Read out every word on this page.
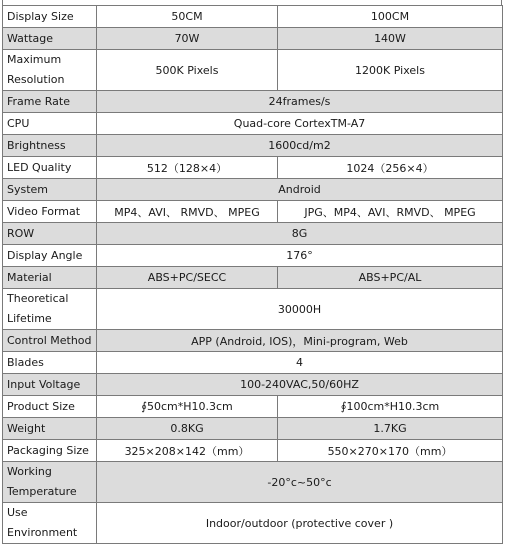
Display Size	50CM	100CM
Wattage	70W	140W
Maximum Resolution	500K Pixels	1200K Pixels
Frame Rate	24frames/s	
CPU	Quad-core CortexTM-A7	
Brightness	1600cd/m2	
LED Quality	512（128×4）	1024（256×4）
System	Android	
Video Format	MP4、AVI、 RMVD、 MPEG	JPG、MP4、AVI、RMVD、 MPEG
ROW	8G	
Display Angle	176°	
Material	ABS+PC/SECC	ABS+PC/AL
Theoretical Lifetime	30000H	
Control Method	APP (Android, IOS)，Mini-program, Web	
Blades	4	
Input Voltage	100-240VAC,50/60HZ	
Product Size	∮50cm*H10.3cm	∮100cm*H10.3cm
Weight	0.8KG	1.7KG
Packaging Size	325×208×142（mm）	550×270×170（mm）
Working Temperature	-20°c~50°c	
Use Environment	Indoor/outdoor (protective cover )	
